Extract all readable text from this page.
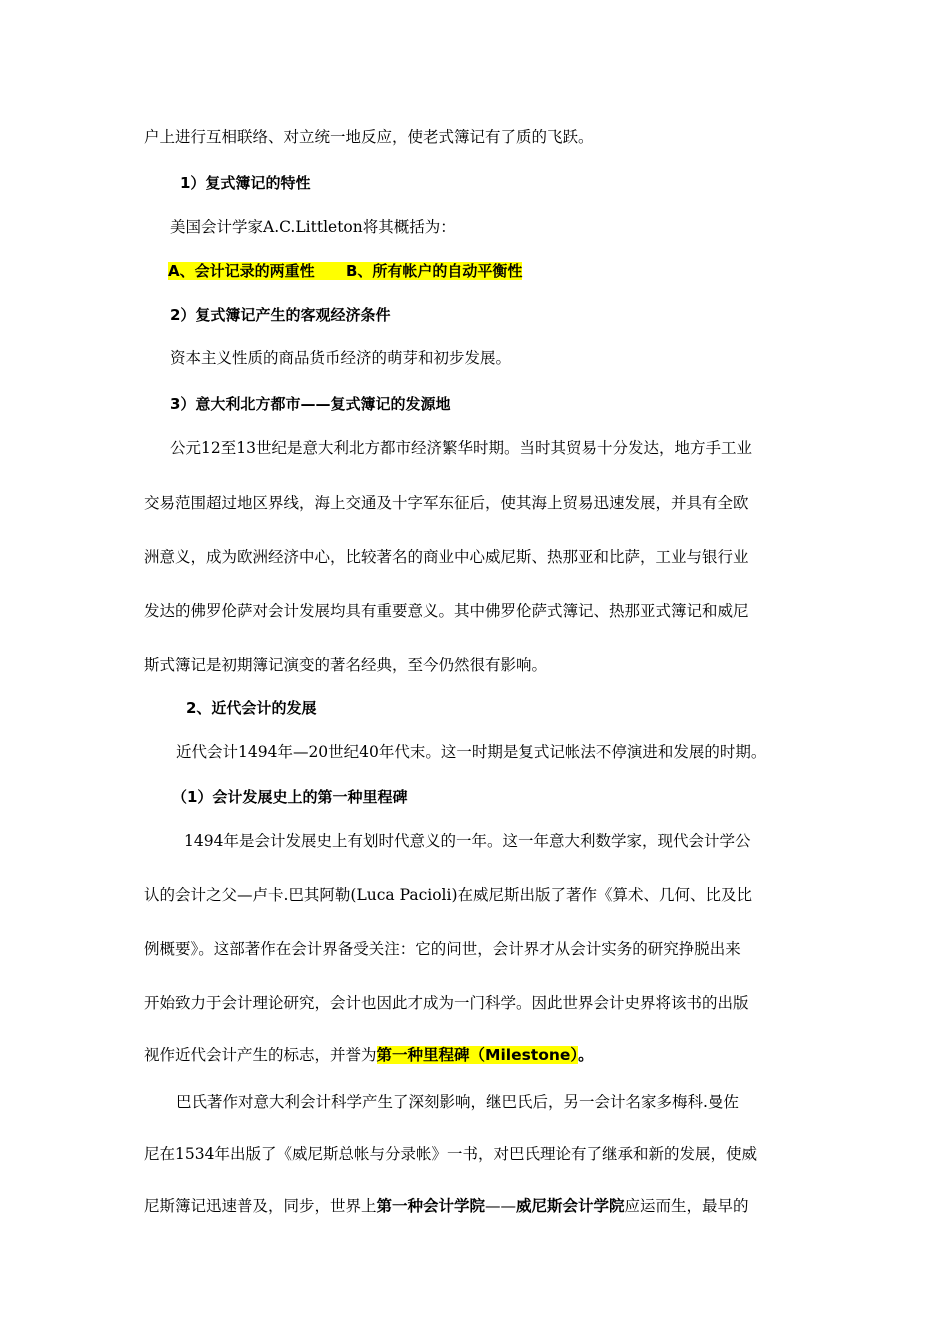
户上进行互相联络、对立统一地反应，使老式簿记有了质的飞跃。
1）复式簿记的特性
美国会计学家A.C.Littleton将其概括为：
A、会计记录的两重性      B、所有帐户的自动平衡性
2）复式簿记产生的客观经济条件
资本主义性质的商品货币经济的萌芽和初步发展。
3）意大利北方都市——复式簿记的发源地
公元12至13世纪是意大利北方都市经济繁华时期。当时其贸易十分发达，地方手工业
交易范围超过地区界线，海上交通及十字军东征后，使其海上贸易迅速发展，并具有全欧
洲意义，成为欧洲经济中心，比较著名的商业中心威尼斯、热那亚和比萨，工业与银行业
发达的佛罗伦萨对会计发展均具有重要意义。其中佛罗伦萨式簿记、热那亚式簿记和威尼
斯式簿记是初期簿记演变的著名经典，至今仍然很有影响。
2、近代会计的发展
近代会计1494年—20世纪40年代末。这一时期是复式记帐法不停演进和发展的时期。
（1）会计发展史上的第一种里程碑
1494年是会计发展史上有划时代意义的一年。这一年意大利数学家，现代会计学公
认的会计之父—卢卡.巴其阿勒(Luca Pacioli)在威尼斯出版了著作《算术、几何、比及比
例概要》。这部著作在会计界备受关注：它的问世，会计界才从会计实务的研究挣脱出来
开始致力于会计理论研究，会计也因此才成为一门科学。因此世界会计史界将该书的出版
视作近代会计产生的标志，并誉为第一种里程碑（Milestone）。
巴氏著作对意大利会计科学产生了深刻影响，继巴氏后，另一会计名家多梅科.曼佐
尼在1534年出版了《威尼斯总帐与分录帐》一书，对巴氏理论有了继承和新的发展，使威
尼斯簿记迅速普及，同步，世界上第一种会计学院——威尼斯会计学院应运而生，最早的
